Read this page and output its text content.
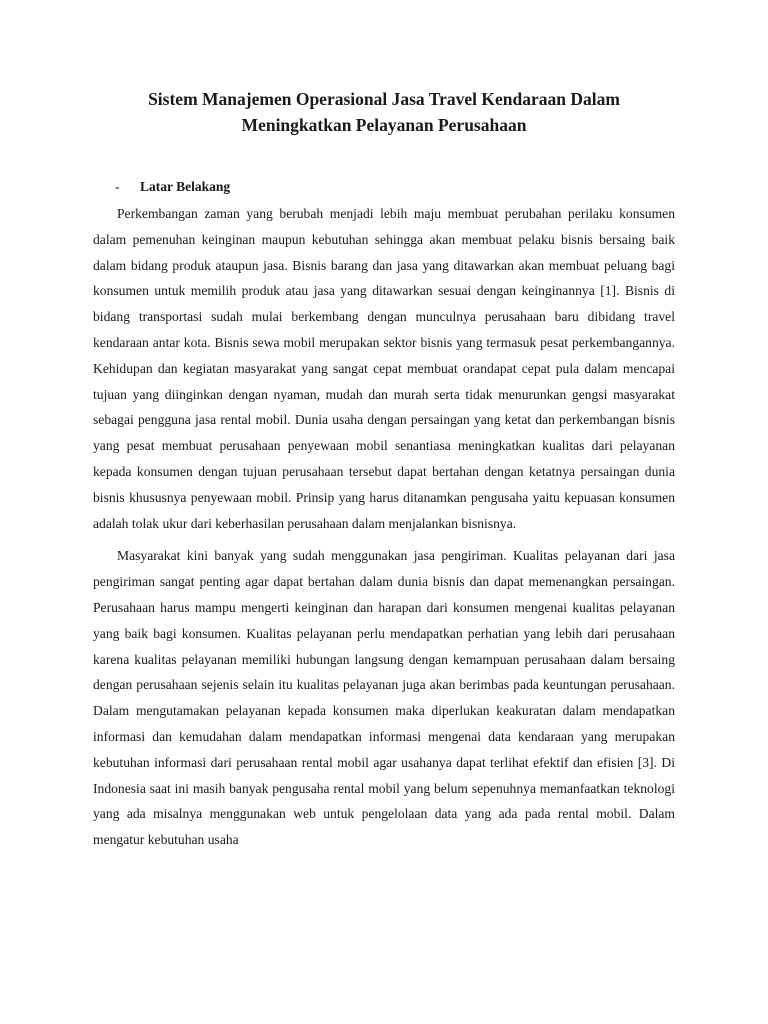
Sistem Manajemen Operasional Jasa Travel Kendaraan Dalam
Meningkatkan Pelayanan Perusahaan
-	Latar Belakang

Perkembangan zaman yang berubah menjadi lebih maju membuat perubahan perilaku konsumen dalam pemenuhan keinginan maupun kebutuhan sehingga akan membuat pelaku bisnis bersaing baik dalam bidang produk ataupun jasa. Bisnis barang dan jasa yang ditawarkan akan membuat peluang bagi konsumen untuk memilih produk atau jasa yang ditawarkan sesuai dengan keinginannya [1]. Bisnis di bidang transportasi sudah mulai berkembang dengan munculnya perusahaan baru dibidang travel kendaraan antar kota. Bisnis sewa mobil merupakan sektor bisnis yang termasuk pesat perkembangannya. Kehidupan dan kegiatan masyarakat yang sangat cepat membuat orandapat cepat pula dalam mencapai tujuan yang diinginkan dengan nyaman, mudah dan murah serta tidak menurunkan gengsi masyarakat sebagai pengguna jasa rental mobil. Dunia usaha dengan persaingan yang ketat dan perkembangan bisnis yang pesat membuat perusahaan penyewaan mobil senantiasa meningkatkan kualitas dari pelayanan kepada konsumen dengan tujuan perusahaan tersebut dapat bertahan dengan ketatnya persaingan dunia bisnis khususnya penyewaan mobil. Prinsip yang harus ditanamkan pengusaha yaitu kepuasan konsumen adalah tolak ukur dari keberhasilan perusahaan dalam menjalankan bisnisnya.

Masyarakat kini banyak yang sudah menggunakan jasa pengiriman. Kualitas pelayanan dari jasa pengiriman sangat penting agar dapat bertahan dalam dunia bisnis dan dapat memenangkan persaingan. Perusahaan harus mampu mengerti keinginan dan harapan dari konsumen mengenai kualitas pelayanan yang baik bagi konsumen. Kualitas pelayanan perlu mendapatkan perhatian yang lebih dari perusahaan karena kualitas pelayanan memiliki hubungan langsung dengan kemampuan perusahaan dalam bersaing dengan perusahaan sejenis selain itu kualitas pelayanan juga akan berimbas pada keuntungan perusahaan. Dalam mengutamakan pelayanan kepada konsumen maka diperlukan keakuratan dalam mendapatkan informasi dan kemudahan dalam mendapatkan informasi mengenai data kendaraan yang merupakan kebutuhan informasi dari perusahaan rental mobil agar usahanya dapat terlihat efektif dan efisien [3]. Di Indonesia saat ini masih banyak pengusaha rental mobil yang belum sepenuhnya memanfaatkan teknologi yang ada misalnya menggunakan web untuk pengelolaan data yang ada pada rental mobil. Dalam mengatur kebutuhan usaha
